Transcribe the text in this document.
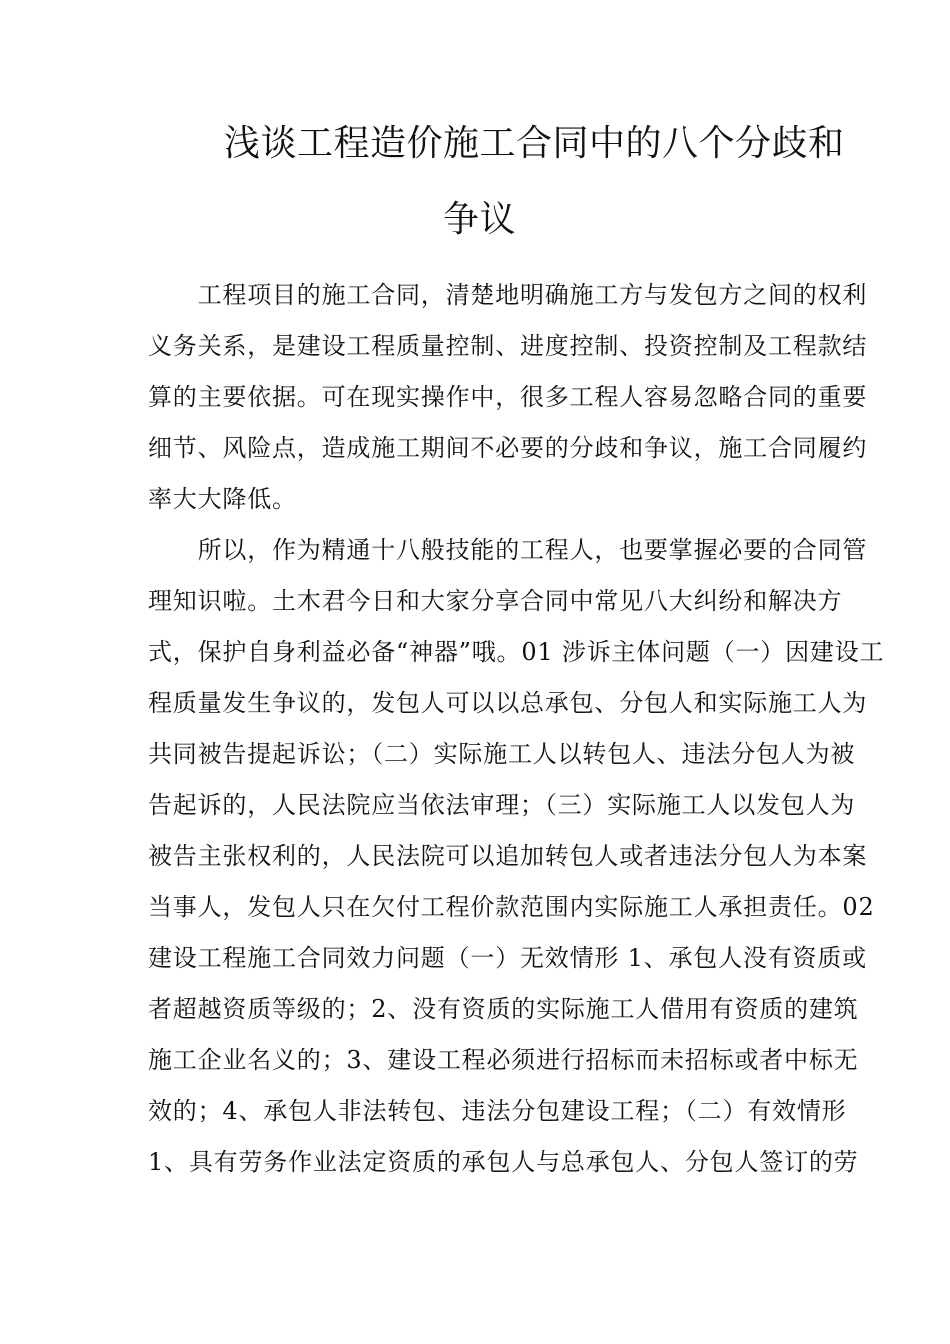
浅谈工程造价施工合同中的八个分歧和
争议
　　工程项目的施工合同，清楚地明确施工方与发包方之间的权利
义务关系，是建设工程质量控制、进度控制、投资控制及工程款结
算的主要依据。可在现实操作中，很多工程人容易忽略合同的重要
细节、风险点，造成施工期间不必要的分歧和争议，施工合同履约
率大大降低。
　　所以，作为精通十八般技能的工程人，也要掌握必要的合同管
理知识啦。土木君今日和大家分享合同中常见八大纠纷和解决方
式，保护自身利益必备“神器”哦。01 涉诉主体问题（一）因建设工
程质量发生争议的，发包人可以以总承包、分包人和实际施工人为
共同被告提起诉讼；（二）实际施工人以转包人、违法分包人为被
告起诉的，人民法院应当依法审理；（三）实际施工人以发包人为
被告主张权利的，人民法院可以追加转包人或者违法分包人为本案
当事人，发包人只在欠付工程价款范围内实际施工人承担责任。02
建设工程施工合同效力问题（一）无效情形 1、承包人没有资质或
者超越资质等级的；2、没有资质的实际施工人借用有资质的建筑
施工企业名义的；3、建设工程必须进行招标而未招标或者中标无
效的；4、承包人非法转包、违法分包建设工程；（二）有效情形
1、具有劳务作业法定资质的承包人与总承包人、分包人签订的劳
